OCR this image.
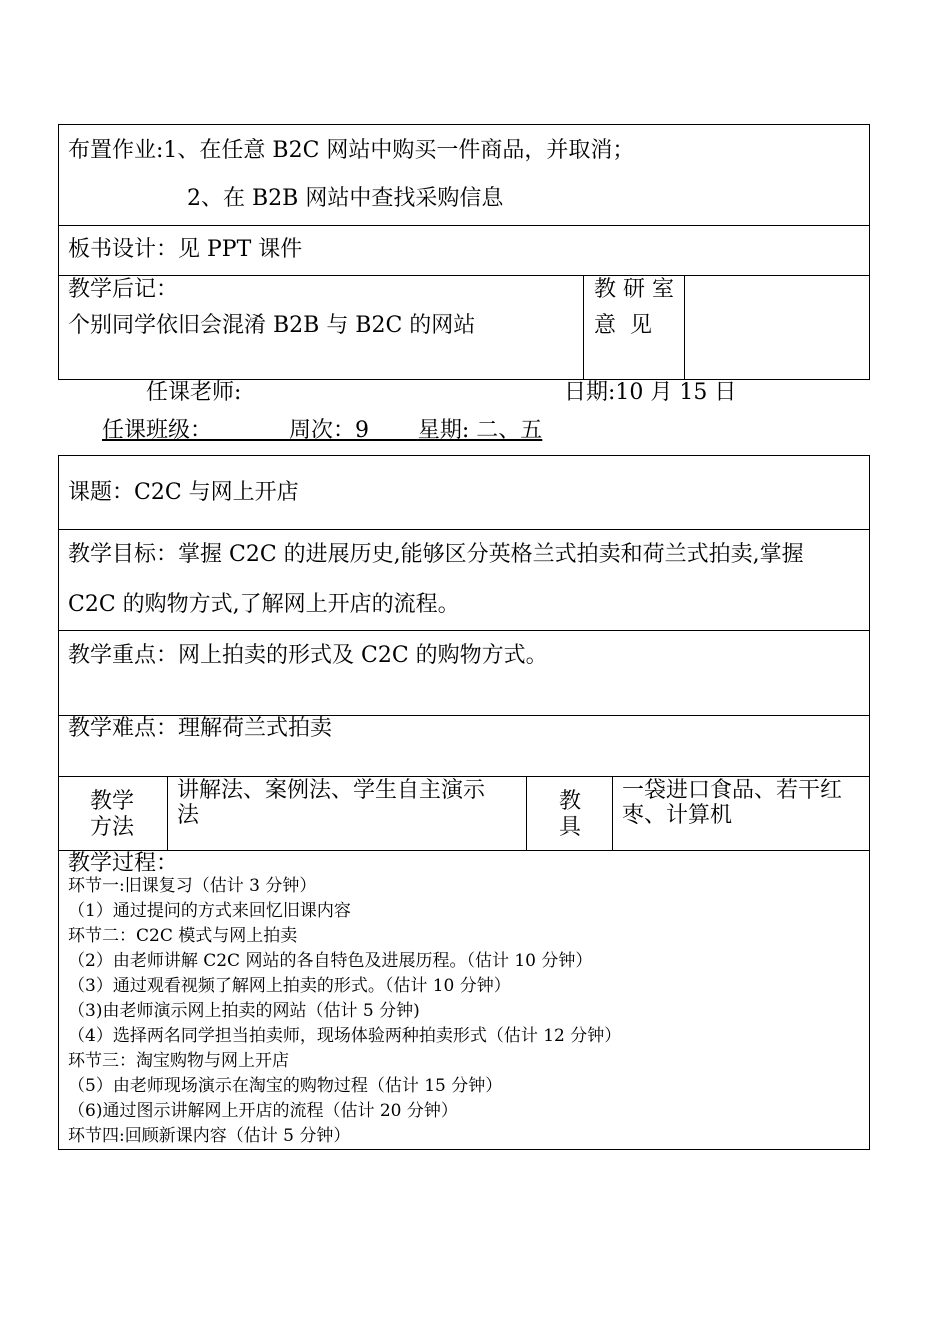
布置作业:1、在任意 B2C 网站中购买一件商品，并取消；
2、在 B2B 网站中查找采购信息
板书设计：见 PPT 课件
教学后记：
个别同学依旧会混淆 B2B 与 B2C 的网站
教 研 室
意  见
任课老师:	日期:10 月 15 日
任课班级：	周次：9 星期: 二、五
课题：C2C 与网上开店
教学目标：掌握 C2C 的进展历史,能够区分英格兰式拍卖和荷兰式拍卖,掌握
C2C 的购物方式,了解网上开店的流程。
教学重点：网上拍卖的形式及 C2C 的购物方式。
教学难点：理解荷兰式拍卖
教学
方法
讲解法、案例法、学生自主演示
法
教
具
一袋进口食品、若干红
枣、计算机
教学过程：
环节一:旧课复习（估计 3 分钟）
（1）通过提问的方式来回忆旧课内容
环节二：C2C 模式与网上拍卖
（2）由老师讲解 C2C 网站的各自特色及进展历程。（估计 10 分钟）
（3）通过观看视频了解网上拍卖的形式。（估计 10 分钟）
（3)由老师演示网上拍卖的网站（估计 5 分钟)
（4）选择两名同学担当拍卖师，现场体验两种拍卖形式（估计 12 分钟）
环节三：淘宝购物与网上开店
（5）由老师现场演示在淘宝的购物过程（估计 15 分钟）
（6)通过图示讲解网上开店的流程（估计 20 分钟）
环节四:回顾新课内容（估计 5 分钟）
